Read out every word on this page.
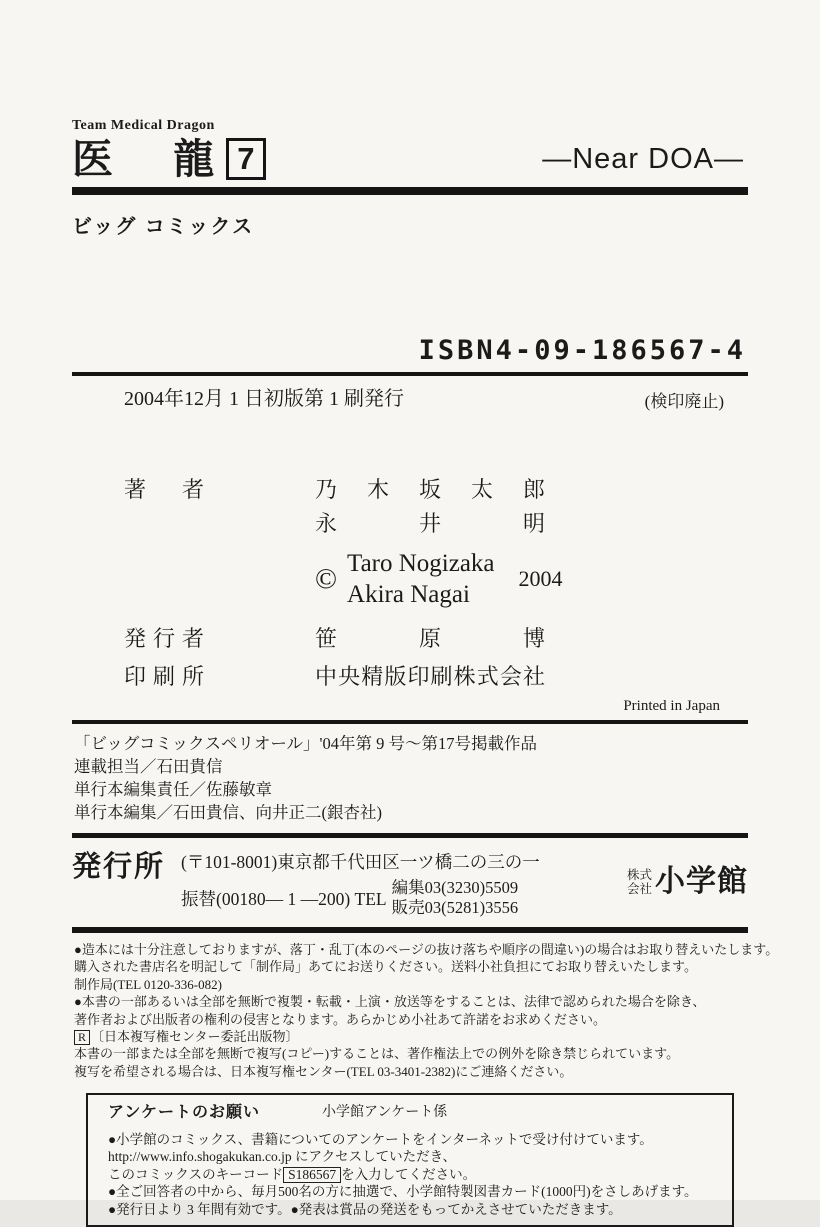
Team Medical Dragon
医 龍 7	—Near DOA—
ビッグ コミックス
ISBN4-09-186567-4
2004年12月 1 日初版第 1 刷発行	(検印廃止)
著 者	乃 木 坂 太 郎
永 井 明
© Taro Nogizaka
Akira Nagai
2004
発行者	笹 原 博
印刷所	中央精版印刷株式会社
Printed in Japan
「ビッグコミックスペリオール」'04年第 9 号～第17号掲載作品
連載担当／石田貴信
単行本編集責任／佐藤敏章
単行本編集／石田貴信、向井正二(銀杏社)
発行所 (〒101-8001)東京都千代田区一ツ橋二の三の一
振替(00180— 1 —200) TEL
編集03(3230)5509
販売03(5281)3556
株式
会社 小学館
●造本には十分注意しておりますが、落丁・乱丁(本のページの抜け落ちや順序の間違い)の場合はお取り替えいたします。
購入された書店名を明記して「制作局」あてにお送りください。送料小社負担にてお取り替えいたします。
制作局(TEL 0120-336-082)
●本書の一部あるいは全部を無断で複製・転載・上演・放送等をすることは、法律で認められた場合を除き、
著作者および出版者の権利の侵害となります。あらかじめ小社あて許諾をお求めください。
R 〔日本複写権センター委託出版物〕
本書の一部または全部を無断で複写(コピー)することは、著作権法上での例外を除き禁じられています。
複写を希望される場合は、日本複写権センター(TEL 03-3401-2382)にご連絡ください。
アンケートのお願い	小学館アンケート係
●小学館のコミックス、書籍についてのアンケートをインターネットで受け付けています。
http://www.info.shogakukan.co.jp にアクセスしていただき、
このコミックスのキーコード S186567 を入力してください。
●全ご回答者の中から、毎月500名の方に抽選で、小学館特製図書カード(1000円)をさしあげます。
●発行日より 3 年間有効です。●発表は賞品の発送をもってかえさせていただきます。
